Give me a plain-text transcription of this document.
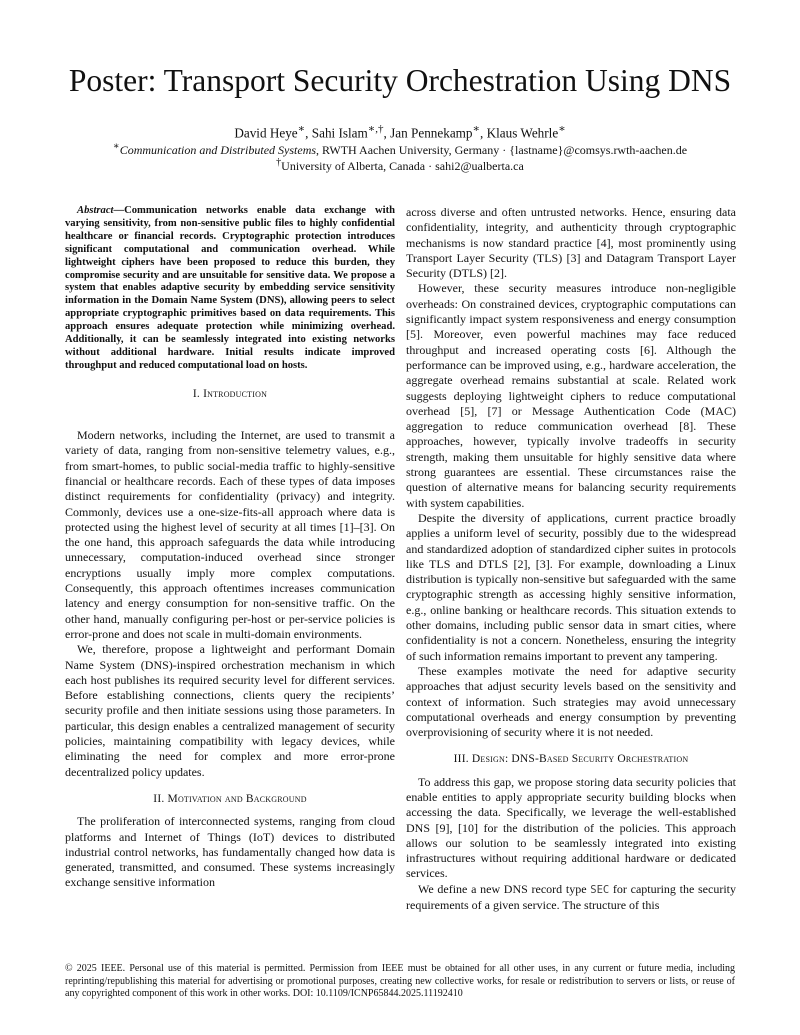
Poster: Transport Security Orchestration Using DNS
David Heye∗, Sahi Islam∗,†, Jan Pennekamp∗, Klaus Wehrle∗
∗Communication and Distributed Systems, RWTH Aachen University, Germany · {lastname}@comsys.rwth-aachen.de
†University of Alberta, Canada · sahi2@ualberta.ca

Abstract—Communication networks enable data exchange with varying sensitivity, from non-sensitive public files to highly confidential healthcare or financial records. Cryptographic protection introduces significant computational and communication overhead. While lightweight ciphers have been proposed to reduce this burden, they compromise security and are unsuitable for sensitive data. We propose a system that enables adaptive security by embedding service sensitivity information in the Domain Name System (DNS), allowing peers to select appropriate cryptographic primitives based on data requirements. This approach ensures adequate protection while minimizing overhead. Additionally, it can be seamlessly integrated into existing networks without additional hardware. Initial results indicate improved throughput and reduced computational load on hosts.

I. Introduction

Modern networks, including the Internet, are used to transmit a variety of data, ranging from non-sensitive telemetry values, e.g., from smart-homes, to public social-media traffic to highly-sensitive financial or healthcare records. Each of these types of data imposes distinct requirements for confidentiality (privacy) and integrity. Commonly, devices use a one-size-fits-all approach where data is protected using the highest level of security at all times [1]–[3]. On the one hand, this approach safeguards the data while introducing unnecessary, computation-induced overhead since stronger encryptions usually imply more complex computations. Consequently, this approach oftentimes increases communication latency and energy consumption for non-sensitive traffic. On the other hand, manually configuring per-host or per-service policies is error-prone and does not scale in multi-domain environments.

We, therefore, propose a lightweight and performant Domain Name System (DNS)-inspired orchestration mechanism in which each host publishes its required security level for different services. Before establishing connections, clients query the recipients’ security profile and then initiate sessions using those parameters. In particular, this design enables a centralized management of security policies, maintaining compatibility with legacy devices, while eliminating the need for complex and more error-prone decentralized policy updates.

II. Motivation and Background

The proliferation of interconnected systems, ranging from cloud platforms and Internet of Things (IoT) devices to distributed industrial control networks, has fundamentally changed how data is generated, transmitted, and consumed. These systems increasingly exchange sensitive information

across diverse and often untrusted networks. Hence, ensuring data confidentiality, integrity, and authenticity through cryptographic mechanisms is now standard practice [4], most prominently using Transport Layer Security (TLS) [3] and Datagram Transport Layer Security (DTLS) [2].

However, these security measures introduce non-negligible overheads: On constrained devices, cryptographic computations can significantly impact system responsiveness and energy consumption [5]. Moreover, even powerful machines may face reduced throughput and increased operating costs [6]. Although the performance can be improved using, e.g., hardware acceleration, the aggregate overhead remains substantial at scale. Related work suggests deploying lightweight ciphers to reduce computational overhead [5], [7] or Message Authentication Code (MAC) aggregation to reduce communication overhead [8]. These approaches, however, typically involve tradeoffs in security strength, making them unsuitable for highly sensitive data where strong guarantees are essential. These circumstances raise the question of alternative means for balancing security requirements with system capabilities.

Despite the diversity of applications, current practice broadly applies a uniform level of security, possibly due to the widespread and standardized adoption of standardized cipher suites in protocols like TLS and DTLS [2], [3]. For example, downloading a Linux distribution is typically non-sensitive but safeguarded with the same cryptographic strength as accessing highly sensitive information, e.g., online banking or healthcare records. This situation extends to other domains, including public sensor data in smart cities, where confidentiality is not a concern. Nonetheless, ensuring the integrity of such information remains important to prevent any tampering.

These examples motivate the need for adaptive security approaches that adjust security levels based on the sensitivity and context of information. Such strategies may avoid unnecessary computational overheads and energy consumption by preventing overprovisioning of security where it is not needed.

III. Design: DNS-Based Security Orchestration

To address this gap, we propose storing data security policies that enable entities to apply appropriate security building blocks when accessing the data. Specifically, we leverage the well-established DNS [9], [10] for the distribution of the policies. This approach allows our solution to be seamlessly integrated into existing infrastructures without requiring additional hardware or dedicated services.

We define a new DNS record type SEC for capturing the security requirements of a given service. The structure of this

© 2025 IEEE. Personal use of this material is permitted. Permission from IEEE must be obtained for all other uses, in any current or future media, including reprinting/republishing this material for advertising or promotional purposes, creating new collective works, for resale or redistribution to servers or lists, or reuse of any copyrighted component of this work in other works. DOI: 10.1109/ICNP65844.2025.11192410
